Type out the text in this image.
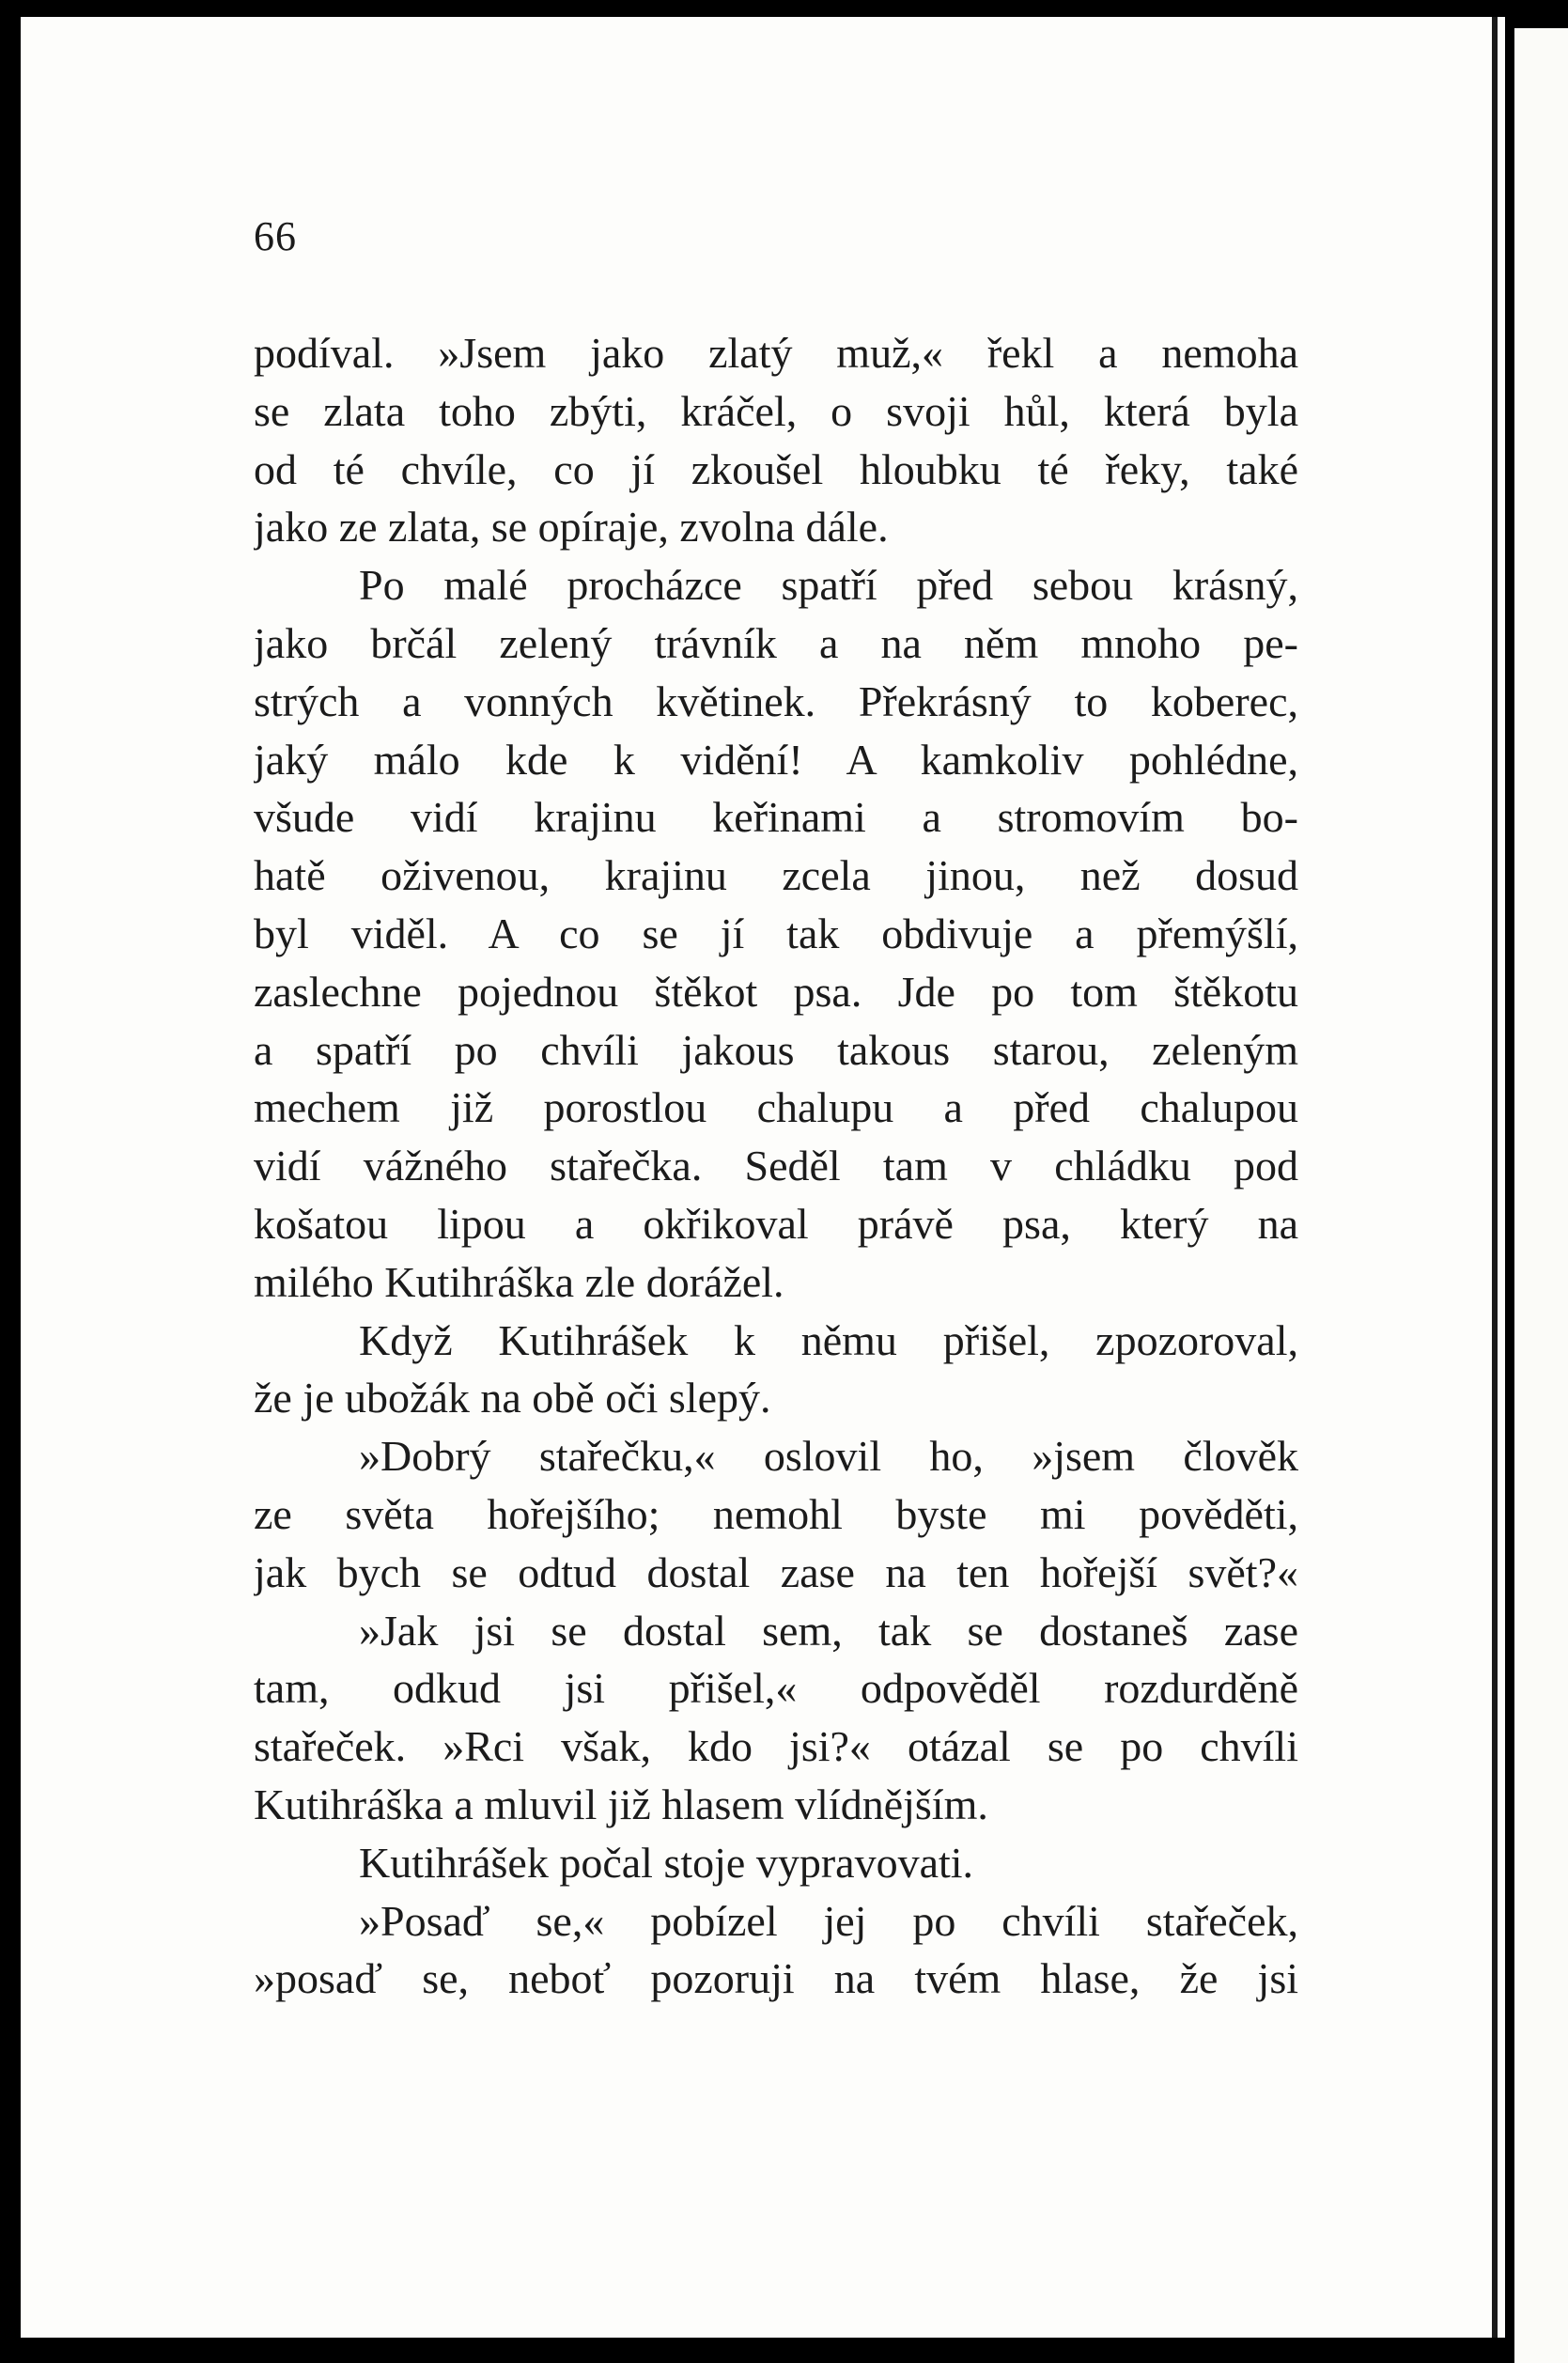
66
podíval. »Jsem jako zlatý muž,« řekl a nemoha
se zlata toho zbýti, kráčel, o svoji hůl, která byla
od té chvíle, co jí zkoušel hloubku té řeky, také
jako ze zlata, se opíraje, zvolna dále.
Po malé procházce spatří před sebou krásný,
jako brčál zelený trávník a na něm mnoho pe-
strých a vonných květinek. Překrásný to koberec,
jaký málo kde k vidění! A kamkoliv pohlédne,
všude vidí krajinu keřinami a stromovím bo-
hatě oživenou, krajinu zcela jinou, než dosud
byl viděl. A co se jí tak obdivuje a přemýšlí,
zaslechne pojednou štěkot psa. Jde po tom štěkotu
a spatří po chvíli jakous takous starou, zeleným
mechem již porostlou chalupu a před chalupou
vidí vážného stařečka. Seděl tam v chládku pod
košatou lipou a okřikoval právě psa, který na
milého Kutihráška zle dorážel.
Když Kutihrášek k němu přišel, zpozoroval,
že je ubožák na obě oči slepý.
»Dobrý stařečku,« oslovil ho, »jsem člověk
ze světa hořejšího; nemohl byste mi pověděti,
jak bych se odtud dostal zase na ten hořejší svět?«
»Jak jsi se dostal sem, tak se dostaneš zase
tam, odkud jsi přišel,« odpověděl rozdurděně
stařeček. »Rci však, kdo jsi?« otázal se po chvíli
Kutihráška a mluvil již hlasem vlídnějším.
Kutihrášek počal stoje vypravovati.
»Posaď se,« pobízel jej po chvíli stařeček,
»posaď se, neboť pozoruji na tvém hlase, že jsi
